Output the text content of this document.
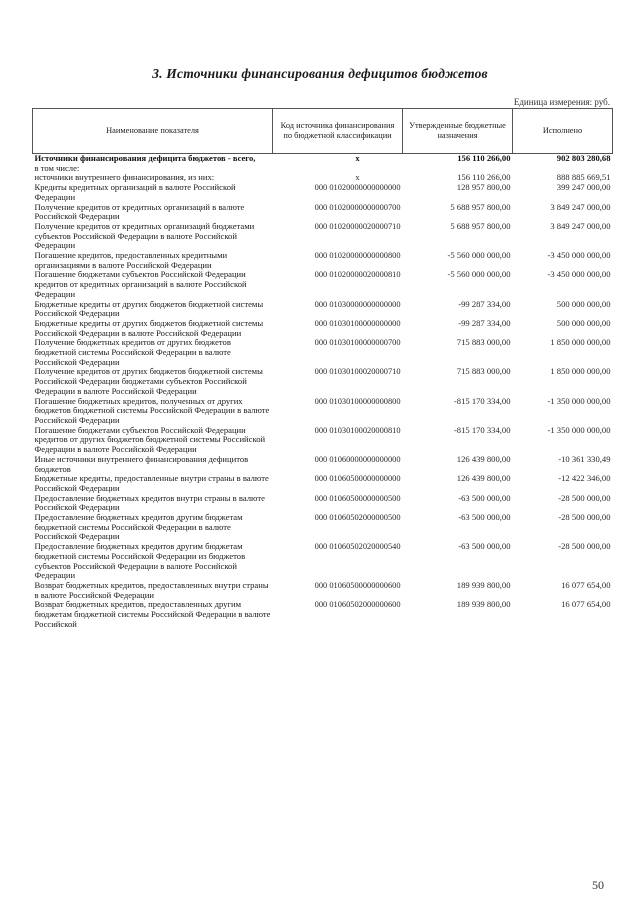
3. Источники финансирования дефицитов бюджетов
Единица измерения: руб.
Наименование показателя	Код источника финансирования по бюджетной классификации	Утвержденные бюджетные назначения	Исполнено
Источники финансирования дефицита бюджетов - всего,	x	156 110 266,00	902 803 280,68
в том числе:			
источники внутреннего финансирования, из них:	x	156 110 266,00	888 885 669,51
Кредиты кредитных организаций в валюте Российской Федерации	000 01020000000000000	128 957 800,00	399 247 000,00
Получение кредитов от кредитных организаций в валюте Российской Федерации	000 01020000000000700	5 688 957 800,00	3 849 247 000,00
Получение кредитов от кредитных организаций бюджетами субъектов Российской Федерации в валюте Российской Федерации	000 01020000020000710	5 688 957 800,00	3 849 247 000,00
Погашение кредитов, предоставленных кредитными организациями в валюте Российской Федерации	000 01020000000000800	-5 560 000 000,00	-3 450 000 000,00
Погашение бюджетами субъектов Российской Федерации кредитов от кредитных организаций в валюте Российской Федерации	000 01020000020000810	-5 560 000 000,00	-3 450 000 000,00
Бюджетные кредиты от других бюджетов бюджетной системы Российской Федерации	000 01030000000000000	-99 287 334,00	500 000 000,00
Бюджетные кредиты от других бюджетов бюджетной системы Российской Федерации в валюте Российской Федерации	000 01030100000000000	-99 287 334,00	500 000 000,00
Получение бюджетных кредитов от других бюджетов бюджетной системы Российской Федерации в валюте Российской Федерации	000 01030100000000700	715 883 000,00	1 850 000 000,00
Получение кредитов от других бюджетов бюджетной системы Российской Федерации бюджетами субъектов Российской Федерации в валюте Российской Федерации	000 01030100020000710	715 883 000,00	1 850 000 000,00
Погашение бюджетных кредитов, полученных от других бюджетов бюджетной системы Российской Федерации в валюте Российской Федерации	000 01030100000000800	-815 170 334,00	-1 350 000 000,00
Погашение бюджетами субъектов Российской Федерации кредитов от других бюджетов бюджетной системы Российской Федерации в валюте Российской Федерации	000 01030100020000810	-815 170 334,00	-1 350 000 000,00
Иные источники внутреннего финансирования дефицитов бюджетов	000 01060000000000000	126 439 800,00	-10 361 330,49
Бюджетные кредиты, предоставленные внутри страны в валюте Российской Федерации	000 01060500000000000	126 439 800,00	-12 422 346,00
Предоставление бюджетных кредитов внутри страны в валюте Российской Федерации	000 01060500000000500	-63 500 000,00	-28 500 000,00
Предоставление бюджетных кредитов другим бюджетам бюджетной системы Российской Федерации в валюте Российской Федерации	000 01060502000000500	-63 500 000,00	-28 500 000,00
Предоставление бюджетных кредитов другим бюджетам бюджетной системы Российской Федерации из бюджетов субъектов Российской Федерации в валюте Российской Федерации	000 01060502020000540	-63 500 000,00	-28 500 000,00
Возврат бюджетных кредитов, предоставленных внутри страны в валюте Российской Федерации	000 01060500000000600	189 939 800,00	16 077 654,00
Возврат бюджетных кредитов, предоставленных другим бюджетам бюджетной системы Российской Федерации в валюте Российской	000 01060502000000600	189 939 800,00	16 077 654,00
50
